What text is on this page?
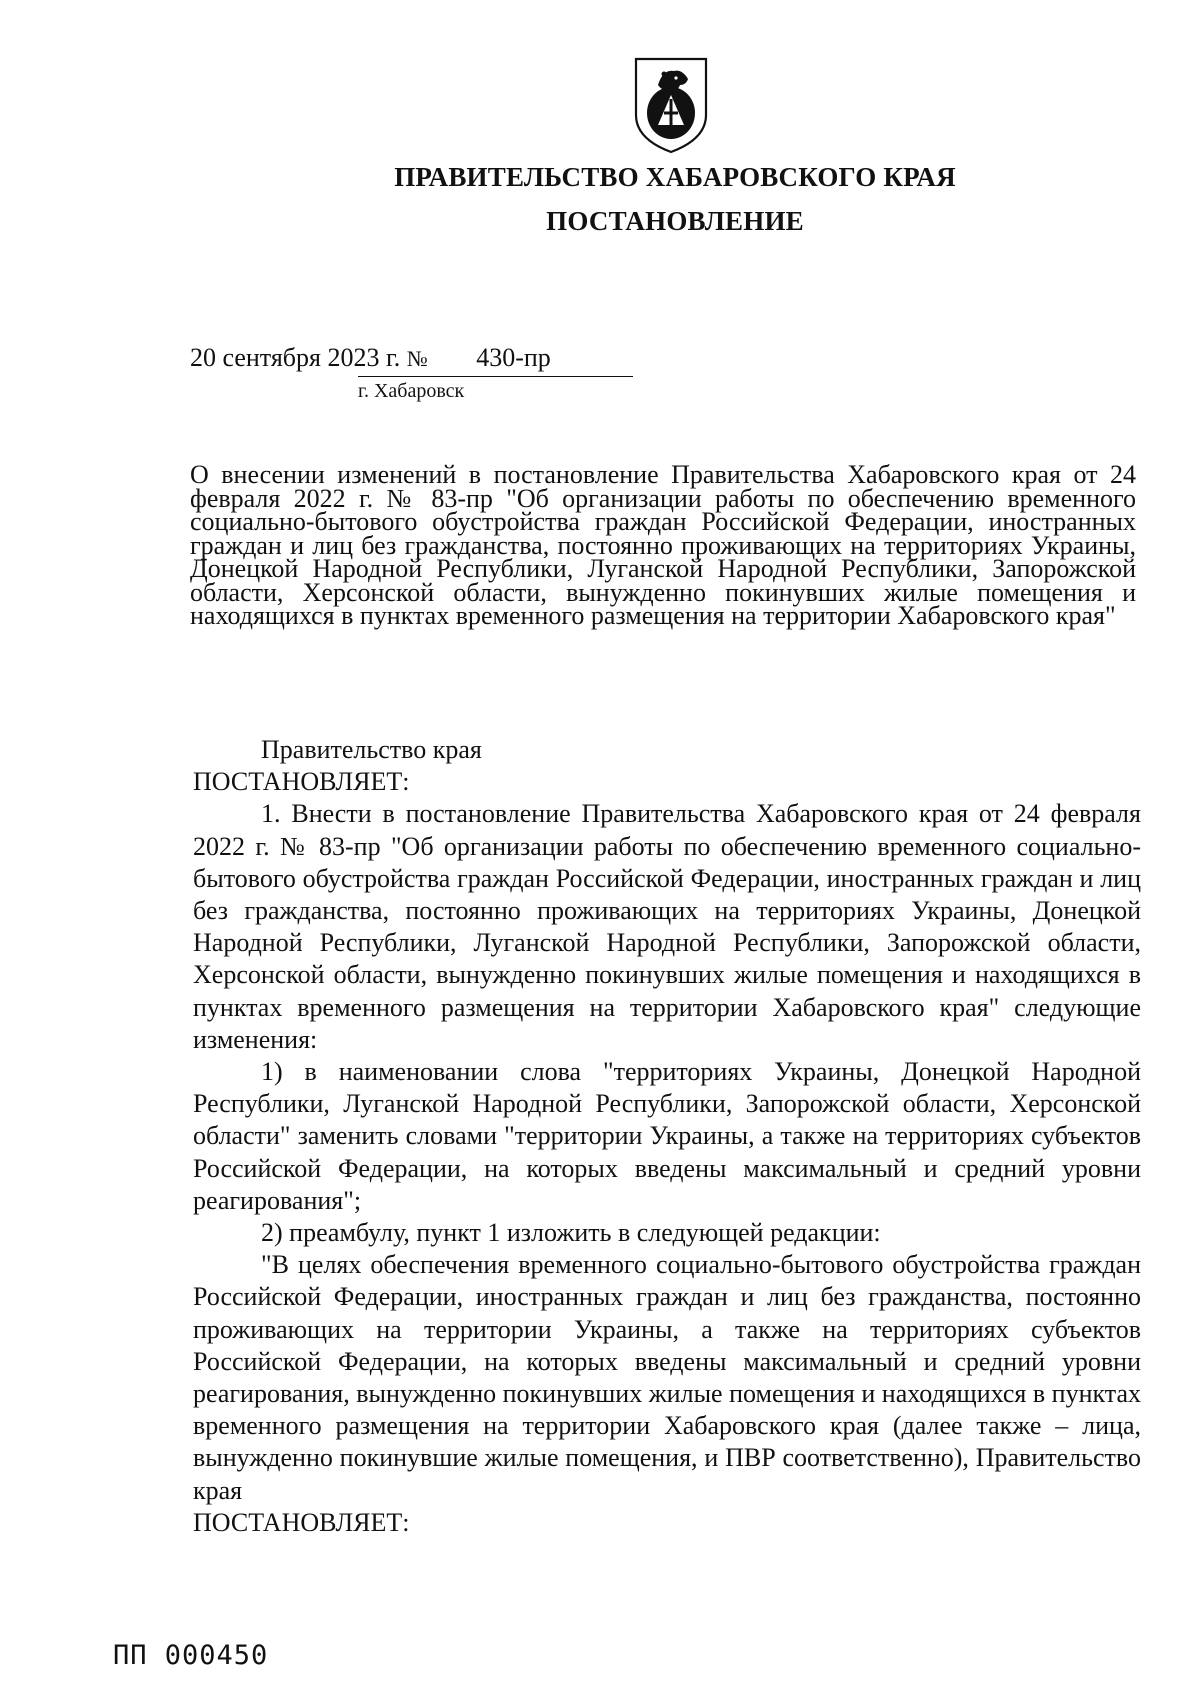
ПРАВИТЕЛЬСТВО ХАБАРОВСКОГО КРАЯ
ПОСТАНОВЛЕНИЕ
20 сентября 2023 г. № 430-пр
г. Хабаровск
О внесении изменений в постановление Правительства Хабаровского края от 24 февраля 2022 г. № 83-пр "Об организации работы по обеспечению временного социально-бытового обустройства граждан Российской Федерации, иностранных граждан и лиц без гражданства, постоянно проживающих на территориях Украины, Донецкой Народной Республики, Луганской Народной Республики, Запорожской области, Херсонской области, вынужденно покинувших жилые помещения и находящихся в пунктах временного размещения на территории Хабаровского края"

Правительство края

ПОСТАНОВЛЯЕТ:

1. Внести в постановление Правительства Хабаровского края от 24 февраля 2022 г. № 83-пр "Об организации работы по обеспечению временного социально-бытового обустройства граждан Российской Федерации, иностранных граждан и лиц без гражданства, постоянно проживающих на территориях Украины, Донецкой Народной Республики, Луганской Народной Республики, Запорожской области, Херсонской области, вынужденно покинувших жилые помещения и находящихся в пунктах временного размещения на территории Хабаровского края" следующие изменения:

1) в наименовании слова "территориях Украины, Донецкой Народной Республики, Луганской Народной Республики, Запорожской области, Херсонской области" заменить словами "территории Украины, а также на территориях субъектов Российской Федерации, на которых введены максимальный и средний уровни реагирования";

2) преамбулу, пункт 1 изложить в следующей редакции:

"В целях обеспечения временного социально-бытового обустройства граждан Российской Федерации, иностранных граждан и лиц без гражданства, постоянно проживающих на территории Украины, а также на территориях субъектов Российской Федерации, на которых введены максимальный и средний уровни реагирования, вынужденно покинувших жилые помещения и находящихся в пунктах временного размещения на территории Хабаровского края (далее также – лица, вынужденно покинувшие жилые помещения, и ПВР соответственно), Правительство края

ПОСТАНОВЛЯЕТ:

ПП 000450
